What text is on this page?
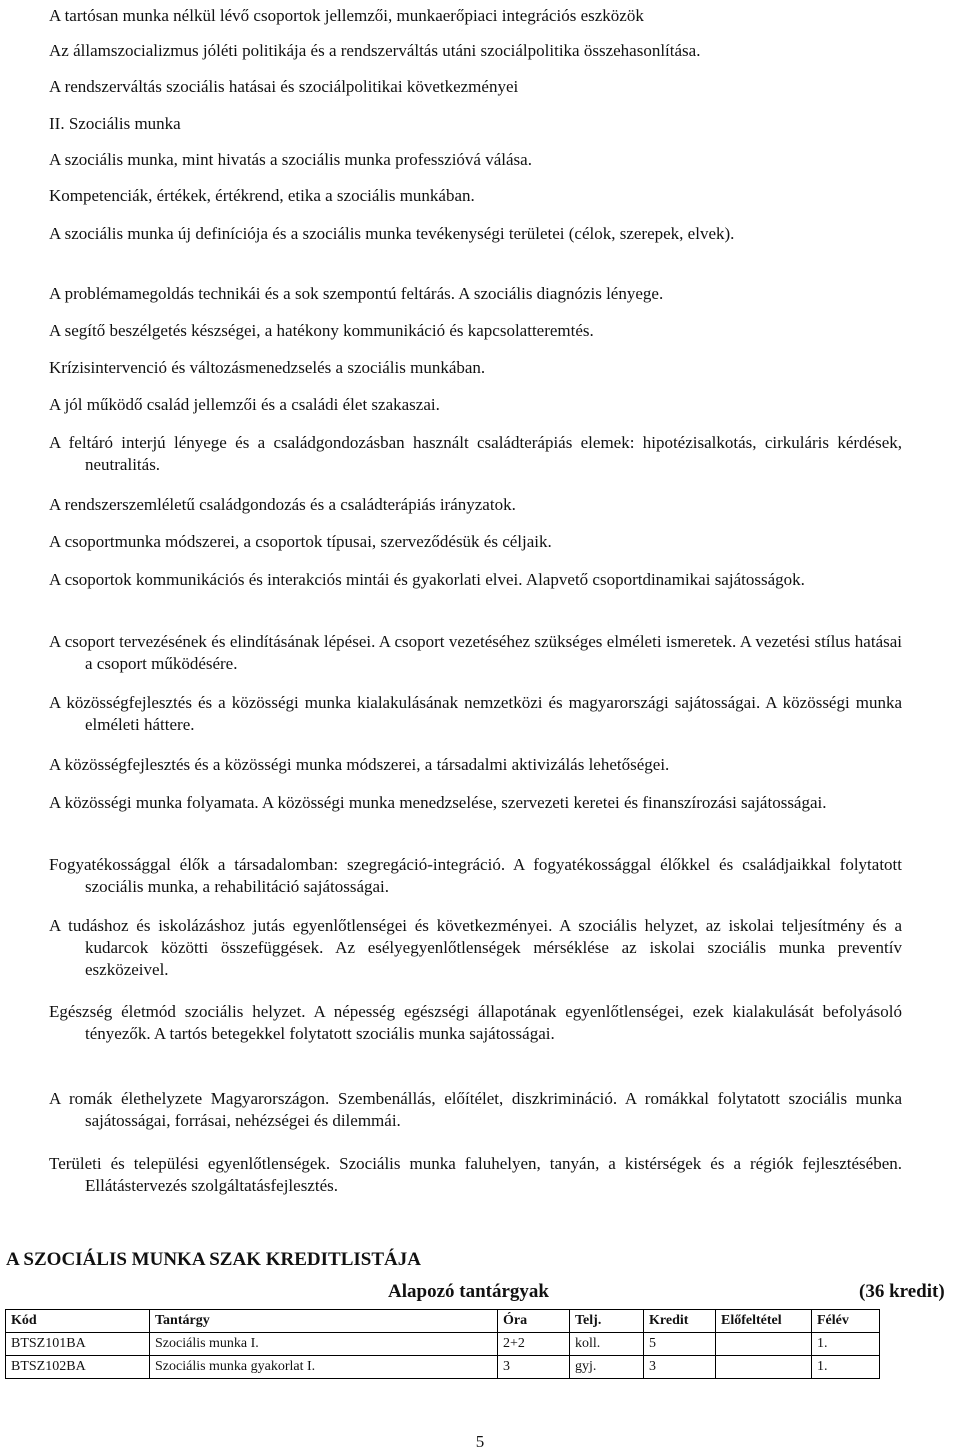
A tartósan munka nélkül lévő csoportok jellemzői, munkaerőpiaci integrációs eszközök

Az államszocializmus jóléti politikája és a rendszerváltás utáni szociálpolitika összehasonlítása.

A rendszerváltás szociális hatásai és szociálpolitikai következményei

II. Szociális munka

A szociális munka, mint hivatás a szociális munka professzióvá válása.

Kompetenciák, értékek, értékrend, etika a szociális munkában.

A szociális munka új definíciója és a szociális munka tevékenységi területei (célok, szerepek, elvek).

A problémamegoldás technikái és a sok szempontú feltárás. A szociális diagnózis lényege.

A segítő beszélgetés készségei, a hatékony kommunikáció és kapcsolatteremtés.

Krízisintervenció és változásmenedzselés a szociális munkában.

A jól működő család jellemzői és a családi élet szakaszai.

A feltáró interjú lényege és a családgondozásban használt családterápiás elemek: hipotézisalkotás, cirkuláris kérdések, neutralitás.

A rendszerszemléletű családgondozás és a családterápiás irányzatok.

A csoportmunka módszerei, a csoportok típusai, szerveződésük és céljaik.

A csoportok kommunikációs és interakciós mintái és gyakorlati elvei. Alapvető csoportdinamikai sajátosságok.

A csoport tervezésének és elindításának lépései. A csoport vezetéséhez szükséges elméleti ismeretek. A vezetési stílus hatásai a csoport működésére.

A közösségfejlesztés és a közösségi munka kialakulásának nemzetközi és magyarországi sajátosságai. A közösségi munka elméleti háttere.

A közösségfejlesztés és a közösségi munka módszerei, a társadalmi aktivizálás lehetőségei.

A közösségi munka folyamata. A közösségi munka menedzselése, szervezeti keretei és finanszírozási sajátosságai.

Fogyatékossággal élők a társadalomban: szegregáció-integráció. A fogyatékossággal élőkkel és családjaikkal folytatott szociális munka, a rehabilitáció sajátosságai.

A tudáshoz és iskolázáshoz jutás egyenlőtlenségei és következményei. A szociális helyzet, az iskolai teljesítmény és a kudarcok közötti összefüggések. Az esélyegyenlőtlenségek mérséklése az iskolai szociális munka preventív eszközeivel.

Egészség életmód szociális helyzet. A népesség egészségi állapotának egyenlőtlenségei, ezek kialakulását befolyásoló tényezők. A tartós betegekkel folytatott szociális munka sajátosságai.

A romák élethelyzete Magyarországon. Szembenállás, előítélet, diszkrimináció. A romákkal folytatott szociális munka sajátosságai, forrásai, nehézségei és dilemmái.

Területi és települési egyenlőtlenségek. Szociális munka faluhelyen, tanyán, a kistérségek és a régiók fejlesztésében. Ellátástervezés szolgáltatásfejlesztés.

A SZOCIÁLIS MUNKA SZAK KREDITLISTÁJA
Alapozó tantárgyak	(36 kredit)
Kód	Tantárgy	Óra	Telj.	Kredit	Előfeltétel	Félév
BTSZ101BA	Szociális munka I.	2+2	koll.	5		1.
BTSZ102BA	Szociális munka gyakorlat I.	3	gyj.	3		1.
5
